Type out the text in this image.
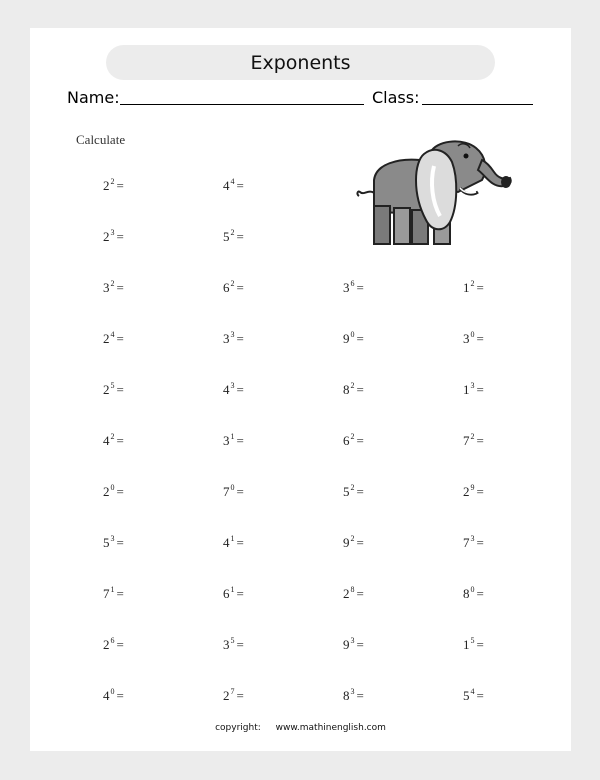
Exponents
Name:	Class:
Calculate
$2^2$ =	$4^4$ =
$2^3$ =	$5^2$ =
$3^2$ =	$6^2$ =	$3^6$ =	$1^2$ =
$2^4$ =	$3^3$ =	$9^0$ =	$3^0$ =
$2^5$ =	$4^3$ =	$8^2$ =	$1^3$ =
$4^2$ =	$3^1$ =	$6^2$ =	$7^2$ =
$2^0$ =	$7^0$ =	$5^2$ =	$2^9$ =
$5^3$ =	$4^1$ =	$9^2$ =	$7^3$ =
$7^1$ =	$6^1$ =	$2^8$ =	$8^0$ =
$2^6$ =	$3^5$ =	$9^3$ =	$1^5$ =
$4^0$ =	$2^7$ =	$8^3$ =	$5^4$ =
copyright: www.mathinenglish.com
